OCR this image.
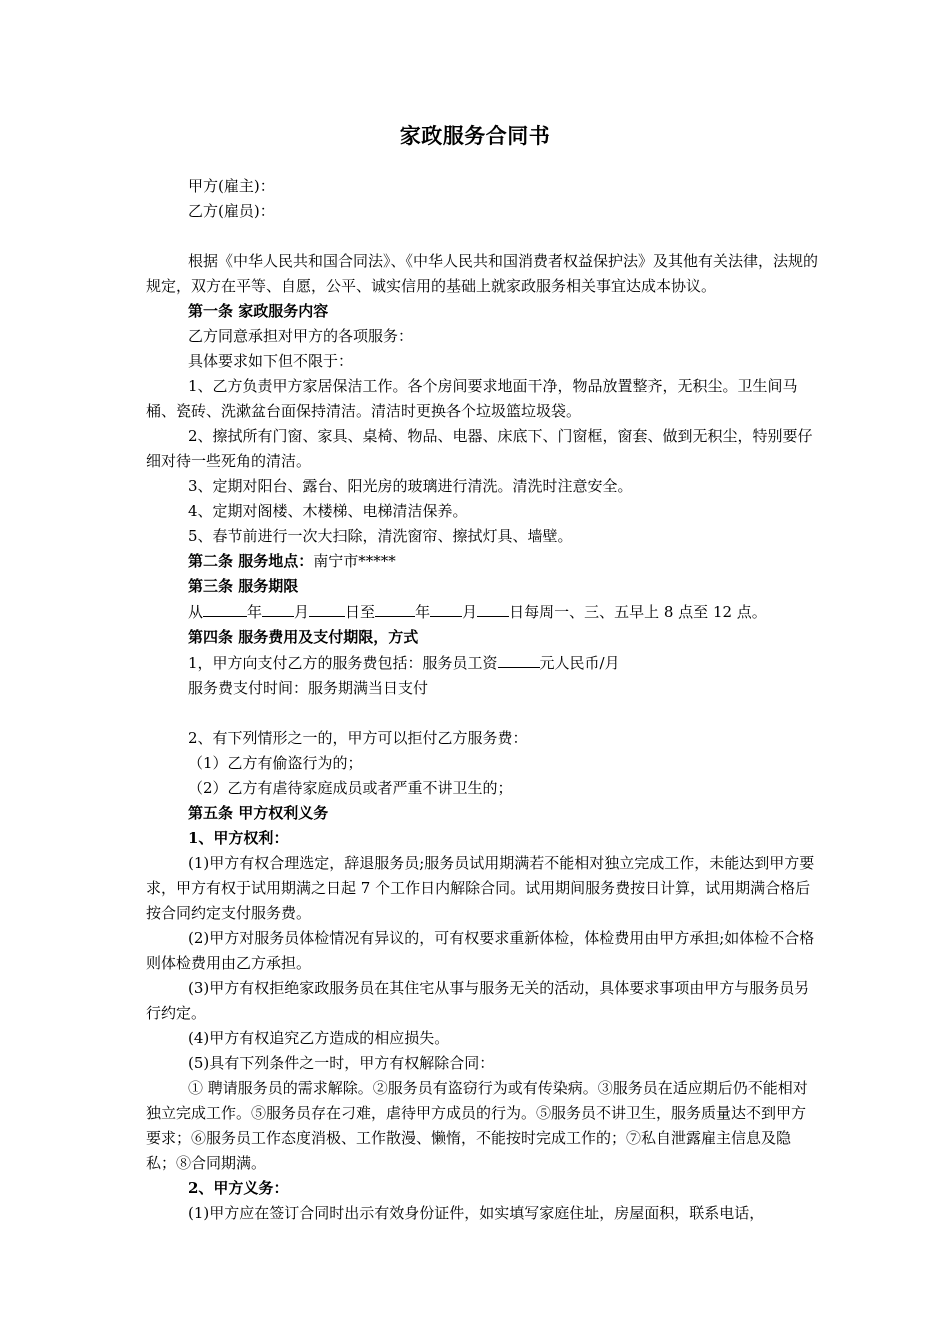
家政服务合同书

甲方(雇主)：

乙方(雇员)：

根据《中华人民共和国合同法》、《中华人民共和国消费者权益保护法》及其他有关法律，法规的规定，双方在平等、自愿，公平、诚实信用的基础上就家政服务相关事宜达成本协议。

第一条 家政服务内容

乙方同意承担对甲方的各项服务：

具体要求如下但不限于：

1、乙方负责甲方家居保洁工作。各个房间要求地面干净，物品放置整齐，无积尘。卫生间马桶、瓷砖、洗漱盆台面保持清洁。清洁时更换各个垃圾篮垃圾袋。

2、擦拭所有门窗、家具、桌椅、物品、电器、床底下、门窗框，窗套、做到无积尘，特别要仔细对待一些死角的清洁。

3、定期对阳台、露台、阳光房的玻璃进行清洗。清洗时注意安全。

4、定期对阁楼、木楼梯、电梯清洁保养。

5、春节前进行一次大扫除，清洗窗帘、擦拭灯具、墙壁。

第二条 服务地点：南宁市*****

第三条 服务期限

从	年 月 日至	年 月 日每周一、三、五早上 8 点至 12 点。

第四条 服务费用及支付期限，方式

1，甲方向支付乙方的服务费包括：服务员工资	元人民币/月

服务费支付时间：服务期满当日支付

2、有下列情形之一的，甲方可以拒付乙方服务费：

（1）乙方有偷盗行为的；

（2）乙方有虐待家庭成员或者严重不讲卫生的；

第五条 甲方权利义务

1、甲方权利：

(1)甲方有权合理选定，辞退服务员;服务员试用期满若不能相对独立完成工作，未能达到甲方要求，甲方有权于试用期满之日起 7 个工作日内解除合同。试用期间服务费按日计算，试用期满合格后按合同约定支付服务费。

(2)甲方对服务员体检情况有异议的，可有权要求重新体检，体检费用由甲方承担;如体检不合格则体检费用由乙方承担。

(3)甲方有权拒绝家政服务员在其住宅从事与服务无关的活动，具体要求事项由甲方与服务员另行约定。

(4)甲方有权追究乙方造成的相应损失。

(5)具有下列条件之一时，甲方有权解除合同：

① 聘请服务员的需求解除。②服务员有盗窃行为或有传染病。③服务员在适应期后仍不能相对独立完成工作。⑤服务员存在刁难，虐待甲方成员的行为。⑤服务员不讲卫生，服务质量达不到甲方要求；⑥服务员工作态度消极、工作散漫、懒惰，不能按时完成工作的；⑦私自泄露雇主信息及隐私；⑧合同期满。

2、甲方义务：

(1)甲方应在签订合同时出示有效身份证件，如实填写家庭住址，房屋面积，联系电话，
